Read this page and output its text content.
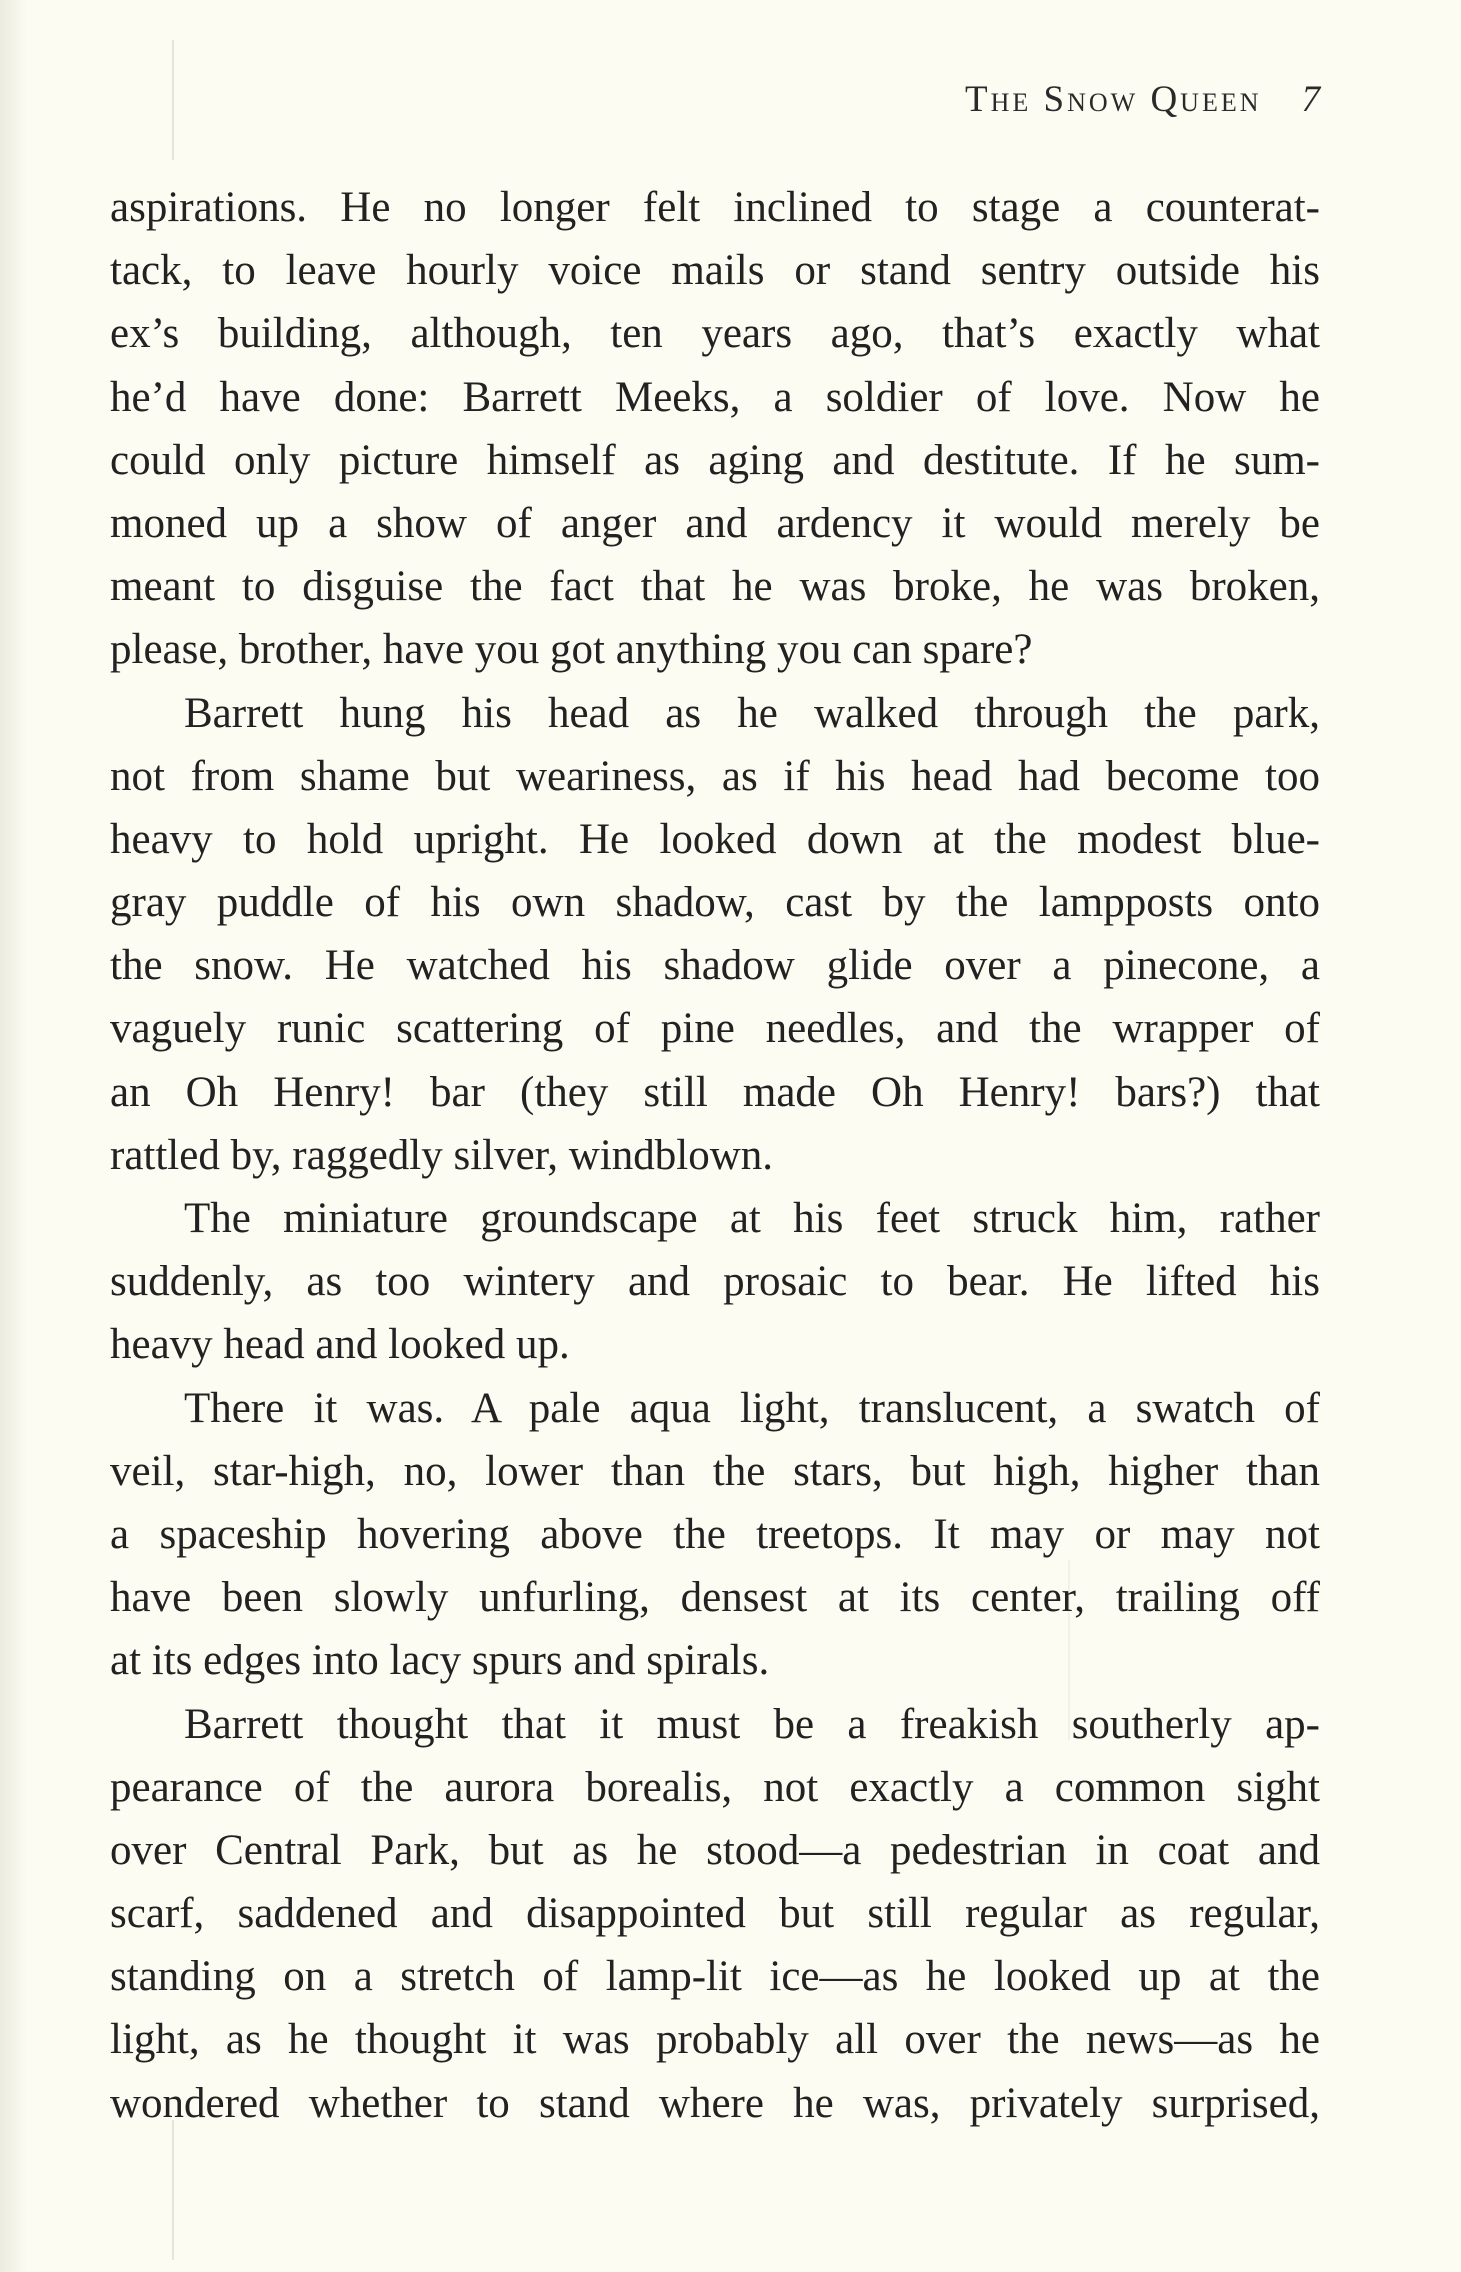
The Snow Queen 7
aspirations. He no longer felt inclined to stage a counterat-
tack, to leave hourly voice mails or stand sentry outside his
ex’s building, although, ten years ago, that’s exactly what
he’d have done: Barrett Meeks, a soldier of love. Now he
could only picture himself as aging and destitute. If he sum-
moned up a show of anger and ardency it would merely be
meant to disguise the fact that he was broke, he was broken,
please, brother, have you got anything you can spare?
Barrett hung his head as he walked through the park,
not from shame but weariness, as if his head had become too
heavy to hold upright. He looked down at the modest blue-
gray puddle of his own shadow, cast by the lampposts onto
the snow. He watched his shadow glide over a pinecone, a
vaguely runic scattering of pine needles, and the wrapper of
an Oh Henry! bar (they still made Oh Henry! bars?) that
rattled by, raggedly silver, windblown.
The miniature groundscape at his feet struck him, rather
suddenly, as too wintery and prosaic to bear. He lifted his
heavy head and looked up.
There it was. A pale aqua light, translucent, a swatch of
veil, star-high, no, lower than the stars, but high, higher than
a spaceship hovering above the treetops. It may or may not
have been slowly unfurling, densest at its center, trailing off
at its edges into lacy spurs and spirals.
Barrett thought that it must be a freakish southerly ap-
pearance of the aurora borealis, not exactly a common sight
over Central Park, but as he stood—a pedestrian in coat and
scarf, saddened and disappointed but still regular as regular,
standing on a stretch of lamp-lit ice—as he looked up at the
light, as he thought it was probably all over the news—as he
wondered whether to stand where he was, privately surprised,
